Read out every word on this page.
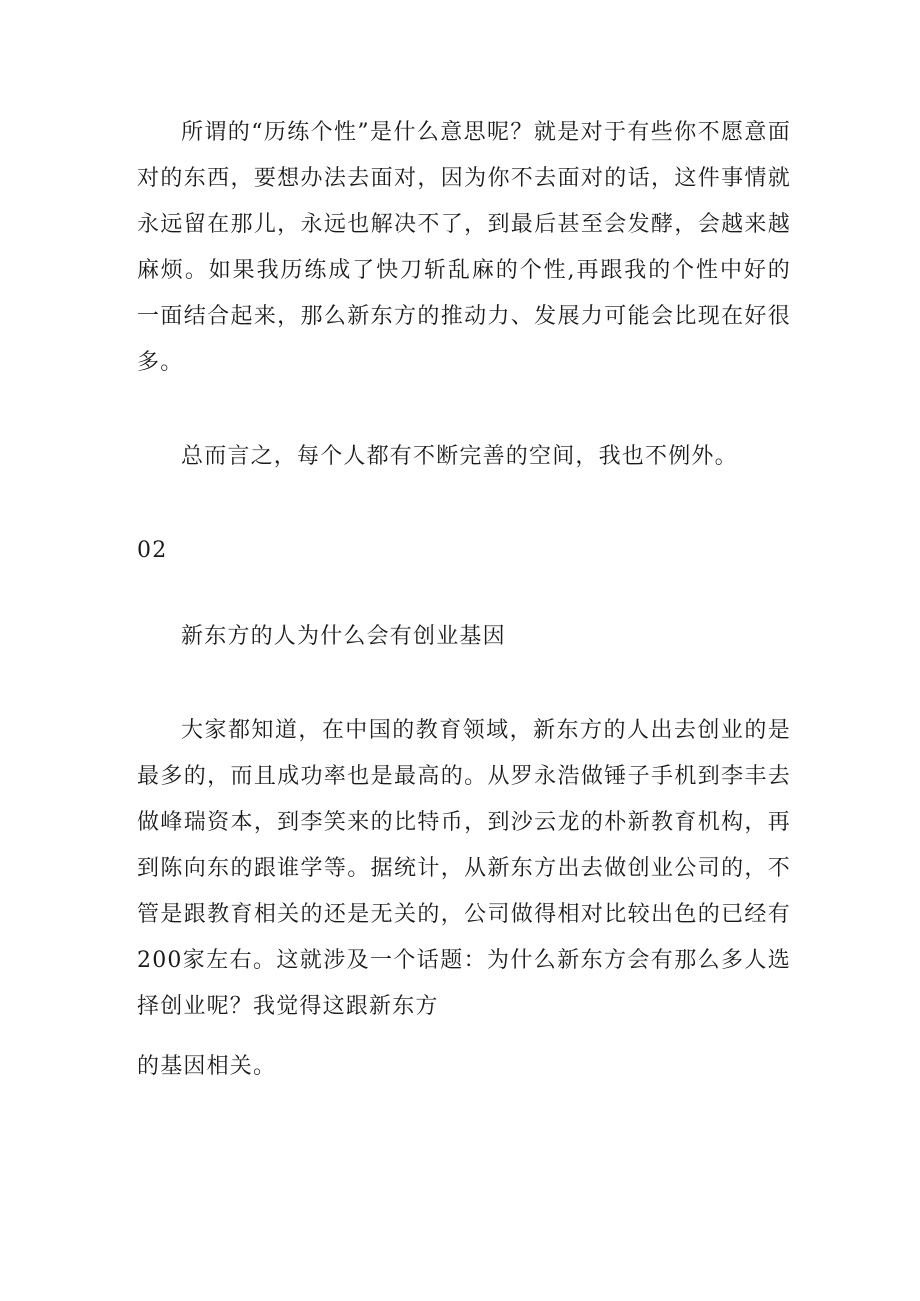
所谓的“历练个性”是什么意思呢？就是对于有些你不愿意面对的东西，要想办法去面对，因为你不去面对的话，这件事情就永远留在那儿，永远也解决不了，到最后甚至会发酵，会越来越麻烦。如果我历练成了快刀斩乱麻的个性,再跟我的个性中好的一面结合起来，那么新东方的推动力、发展力可能会比现在好很多。

总而言之，每个人都有不断完善的空间，我也不例外。

02

新东方的人为什么会有创业基因

大家都知道，在中国的教育领域，新东方的人出去创业的是最多的，而且成功率也是最高的。从罗永浩做锤子手机到李丰去做峰瑞资本，到李笑来的比特币，到沙云龙的朴新教育机构，再到陈向东的跟谁学等。据统计，从新东方出去做创业公司的，不管是跟教育相关的还是无关的，公司做得相对比较出色的已经有200家左右。这就涉及一个话题：为什么新东方会有那么多人选择创业呢？我觉得这跟新东方

的基因相关。
